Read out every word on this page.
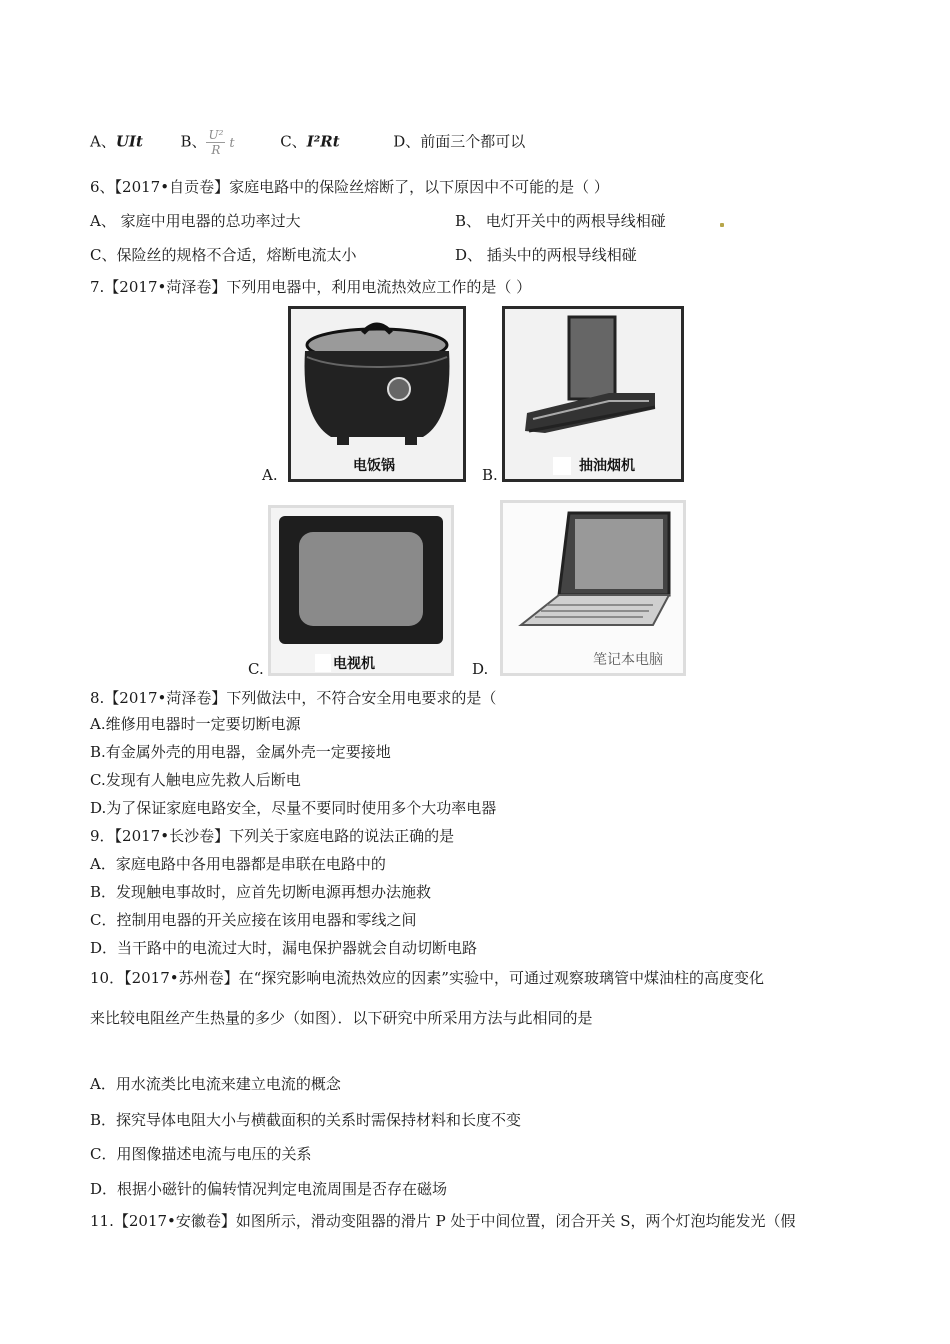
A、UIt	B、 $\frac{\text{U²}}{R}$ t	C、I²Rt	D、前面三个都可以
6、【2017•自贡卷】家庭电路中的保险丝熔断了，以下原因中不可能的是（ ）
A、 家庭中用电器的总功率过大	B、 电灯开关中的两根导线相碰
C、保险丝的规格不合适，熔断电流太小	D、 插头中的两根导线相碰
7.【2017•菏泽卷】下列用电器中，利用电流热效应工作的是（ ）
电饭锅
A.	抽油烟机
B.
电视机
C.	笔记本电脑
D.
8.【2017•菏泽卷】下列做法中，不符合安全用电要求的是（
A.维修用电器时一定要切断电源
B.有金属外壳的用电器，金属外壳一定要接地
C.发现有人触电应先救人后断电
D.为了保证家庭电路安全，尽量不要同时使用多个大功率电器
9．【2017•长沙卷】下列关于家庭电路的说法正确的是
A．家庭电路中各用电器都是串联在电路中的
B．发现触电事故时，应首先切断电源再想办法施救
C．控制用电器的开关应接在该用电器和零线之间
D．当干路中的电流过大时，漏电保护器就会自动切断电路
10．【2017•苏州卷】在“探究影响电流热效应的因素”实验中，可通过观察玻璃管中煤油柱的高度变化
来比较电阻丝产生热量的多少（如图）．以下研究中所采用方法与此相同的是
A．用水流类比电流来建立电流的概念
B．探究导体电阻大小与横截面积的关系时需保持材料和长度不变
C．用图像描述电流与电压的关系
D．根据小磁针的偏转情况判定电流周围是否存在磁场
11.【2017•安徽卷】如图所示，滑动变阻器的滑片 P 处于中间位置，闭合开关 S，两个灯泡均能发光（假
